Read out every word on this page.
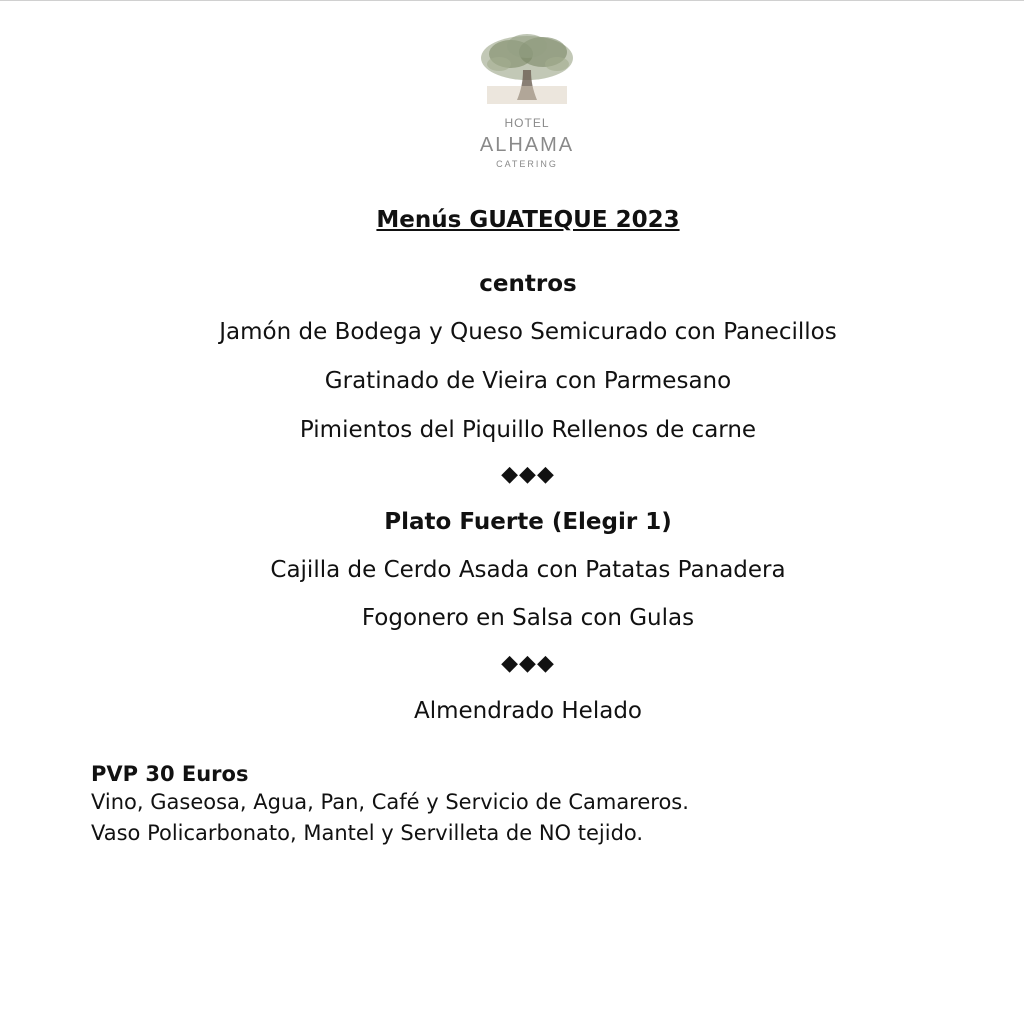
HOTEL
ALHAMA
CATERING
Menús GUATEQUE 2023
centros
Jamón de Bodega y Queso Semicurado con Panecillos
Gratinado de Vieira con Parmesano
Pimientos del Piquillo Rellenos de carne
◆◆◆
Plato Fuerte (Elegir 1)
Cajilla de Cerdo Asada con Patatas Panadera
Fogonero en Salsa con Gulas
◆◆◆
Almendrado Helado
PVP 30 Euros
Vino, Gaseosa, Agua, Pan, Café y Servicio de Camareros.
Vaso Policarbonato, Mantel y Servilleta de NO tejido.
